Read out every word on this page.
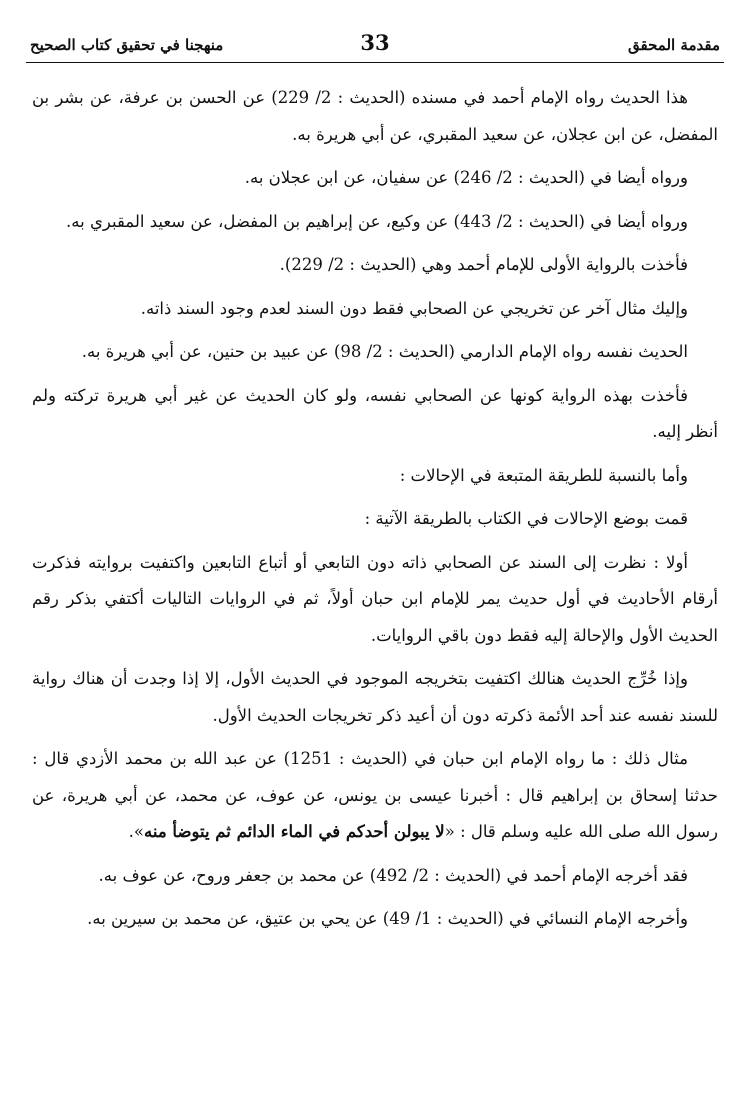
مقدمة المحقق
33
منهجنا في تحقيق كتاب الصحيح

هذا الحديث رواه الإمام أحمد في مسنده (الحديث : 2/ 229) عن الحسن بن عرفة، عن بشر بن المفضل، عن ابن عجلان، عن سعيد المقبري، عن أبي هريرة به.

ورواه أيضا في (الحديث : 2/ 246) عن سفيان، عن ابن عجلان به.

ورواه أيضا في (الحديث : 2/ 443) عن وكيع، عن إبراهيم بن المفضل، عن سعيد المقبري به.

فأخذت بالرواية الأولى للإمام أحمد وهي (الحديث : 2/ 229).

وإليك مثال آخر عن تخريجي عن الصحابي فقط دون السند لعدم وجود السند ذاته.

الحديث نفسه رواه الإمام الدارمي (الحديث : 2/ 98) عن عبيد بن حنين، عن أبي هريرة به.

فأخذت بهذه الرواية كونها عن الصحابي نفسه، ولو كان الحديث عن غير أبي هريرة تركته ولم أنظر إليه.

وأما بالنسبة للطريقة المتبعة في الإحالات :

قمت بوضع الإحالات في الكتاب بالطريقة الآتية :

أولا : نظرت إلى السند عن الصحابي ذاته دون التابعي أو أتباع التابعين واكتفيت بروايته فذكرت أرقام الأحاديث في أول حديث يمر للإمام ابن حبان أولاً، ثم في الروايات التاليات أكتفي بذكر رقم الحديث الأول والإحالة إليه فقط دون باقي الروايات.

وإذا خُرِّج الحديث هنالك اكتفيت بتخريجه الموجود في الحديث الأول، إلا إذا وجدت أن هناك رواية للسند نفسه عند أحد الأئمة ذكرته دون أن أعيد ذكر تخريجات الحديث الأول.

مثال ذلك : ما رواه الإمام ابن حبان في (الحديث : 1251) عن عبد الله بن محمد الأزدي قال : حدثنا إسحاق بن إبراهيم قال : أخبرنا عيسى بن يونس، عن عوف، عن محمد، عن أبي هريرة، عن رسول الله صلى الله عليه وسلم قال : «لا يبولن أحدكم في الماء الدائم ثم يتوضأ منه».

فقد أخرجه الإمام أحمد في (الحديث : 2/ 492) عن محمد بن جعفر وروح، عن عوف به.

وأخرجه الإمام النسائي في (الحديث : 1/ 49) عن يحي بن عتيق، عن محمد بن سيرين به.
